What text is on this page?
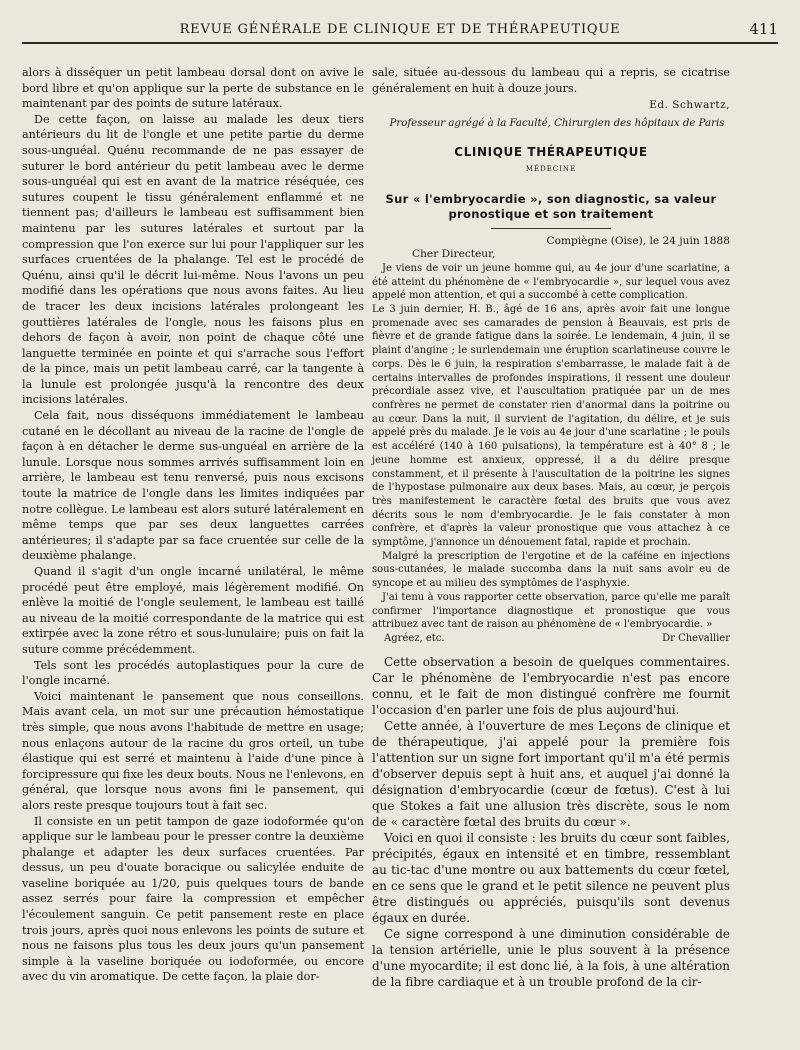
REVUE GÉNÉRALE DE CLINIQUE ET DE THÉRAPEUTIQUE	411

alors à disséquer un petit lambeau dorsal dont on avive le bord libre et qu'on applique sur la perte de substance en le maintenant par des points de suture latéraux.

De cette façon, on laisse au malade les deux tiers antérieurs du lit de l'ongle et une petite partie du derme sous-unguéal. Quénu recommande de ne pas essayer de suturer le bord antérieur du petit lambeau avec le derme sous-unguéal qui est en avant de la matrice réséquée, ces sutures coupent le tissu généralement enflammé et ne tiennent pas; d'ailleurs le lambeau est suffisamment bien maintenu par les sutures latérales et surtout par la compression que l'on exerce sur lui pour l'appliquer sur les surfaces cruentées de la phalange. Tel est le procédé de Quénu, ainsi qu'il le décrit lui-même. Nous l'avons un peu modifié dans les opérations que nous avons faites. Au lieu de tracer les deux incisions latérales prolongeant les gouttières latérales de l'ongle, nous les faisons plus en dehors de façon à avoir, non point de chaque côté une languette terminée en pointe et qui s'arrache sous l'effort de la pince, mais un petit lambeau carré, car la tangente à la lunule est prolongée jusqu'à la rencontre des deux incisions latérales.

Cela fait, nous disséquons immédiatement le lambeau cutané en le décollant au niveau de la racine de l'ongle de façon à en détacher le derme sus-unguéal en arrière de la lunule. Lorsque nous sommes arrivés suffisamment loin en arrière, le lambeau est tenu renversé, puis nous excisons toute la matrice de l'ongle dans les limites indiquées par notre collègue. Le lambeau est alors suturé latéralement en même temps que par ses deux languettes carrées antérieures; il s'adapte par sa face cruentée sur celle de la deuxième phalange.

Quand il s'agit d'un ongle incarné unilatéral, le même procédé peut être employé, mais légèrement modifié. On enlève la moitié de l'ongle seulement, le lambeau est taillé au niveau de la moitié correspondante de la matrice qui est extirpée avec la zone rétro et sous-lunulaire; puis on fait la suture comme précédemment.

Tels sont les procédés autoplastiques pour la cure de l'ongle incarné.

Voici maintenant le pansement que nous conseillons. Mais avant cela, un mot sur une précaution hémostatique très simple, que nous avons l'habitude de mettre en usage; nous enlaçons autour de la racine du gros orteil, un tube élastique qui est serré et maintenu à l'aide d'une pince à forcipressure qui fixe les deux bouts. Nous ne l'enlevons, en général, que lorsque nous avons fini le pansement, qui alors reste presque toujours tout à fait sec.

Il consiste en un petit tampon de gaze iodoformée qu'on applique sur le lambeau pour le presser contre la deuxième phalange et adapter les deux surfaces cruentées. Par dessus, un peu d'ouate boracique ou salicylée enduite de vaseline boriquée au 1/20, puis quelques tours de bande assez serrés pour faire la compression et empêcher l'écoulement sanguin. Ce petit pansement reste en place trois jours, après quoi nous enlevons les points de suture et nous ne faisons plus tous les deux jours qu'un pansement simple à la vaseline boriquée ou iodoformée, ou encore avec du vin aromatique. De cette façon, la plaie dor-

sale, située au-dessous du lambeau qui a repris, se cicatrise généralement en huit à douze jours.

Ed. Schwartz,

Professeur agrégé à la Faculté, Chirurgien des hôpitaux de Paris

CLINIQUE THÉRAPEUTIQUE
MÉDECINE
Sur « l'embryocardie », son diagnostic, sa valeur pronostique et son traitement

Compiègne (Oise), le 24 juin 1888

Cher Directeur,

Je viens de voir un jeune homme qui, au 4e jour d'une scarlatine, a été atteint du phénomène de « l'embryocardie », sur lequel vous avez appelé mon attention, et qui a succombé à cette complication.

Le 3 juin dernier, H. B., âgé de 16 ans, après avoir fait une longue promenade avec ses camarades de pension à Beauvais, est pris de fièvre et de grande fatigue dans la soirée. Le lendemain, 4 juin, il se plaint d'angine ; le surlendemain une éruption scarlatineuse couvre le corps. Dès le 6 juin, la respiration s'embarrasse, le malade fait à de certains intervalles de profondes inspirations, il ressent une douleur précordiale assez vive, et l'auscultation pratiquée par un de mes confrères ne permet de constater rien d'anormal dans la poitrine ou au cœur. Dans la nuit, il survient de l'agitation, du délire, et je suis appelé près du malade. Je le vois au 4e jour d'une scarlatine ; le pouls est accéléré (140 à 160 pulsations), la température est à 40° 8 ; le jeune homme est anxieux, oppressé, il a du délire presque constamment, et il présente à l'auscultation de la poitrine les signes de l'hypostase pulmonaire aux deux bases. Mais, au cœur, je perçois très manifestement le caractère fœtal des bruits que vous avez décrits sous le nom d'embryocardie. Je le fais constater à mon confrère, et d'après la valeur pronostique que vous attachez à ce symptôme, j'annonce un dénouement fatal, rapide et prochain.

Malgré la prescription de l'ergotine et de la caféine en injections sous-cutanées, le malade succomba dans la nuit sans avoir eu de syncope et au milieu des symptômes de l'asphyxie.

J'ai tenu à vous rapporter cette observation, parce qu'elle me paraît confirmer l'importance diagnostique et pronostique que vous attribuez avec tant de raison au phénomène de « l'embryocardie. »

Agréez, etc.	Dr Chevallier

Cette observation a besoin de quelques commentaires. Car le phénomène de l'embryocardie n'est pas encore connu, et le fait de mon distingué confrère me fournit l'occasion d'en parler une fois de plus aujourd'hui.

Cette année, à l'ouverture de mes Leçons de clinique et de thérapeutique, j'ai appelé pour la première fois l'attention sur un signe fort important qu'il m'a été permis d'observer depuis sept à huit ans, et auquel j'ai donné la désignation d'embryocardie (cœur de fœtus). C'est à lui que Stokes a fait une allusion très discrète, sous le nom de « caractère fœtal des bruits du cœur ».

Voici en quoi il consiste : les bruits du cœur sont faibles, précipités, égaux en intensité et en timbre, ressemblant au tic-tac d'une montre ou aux battements du cœur fœtel, en ce sens que le grand et le petit silence ne peuvent plus être distingués ou appréciés, puisqu'ils sont devenus égaux en durée.

Ce signe correspond à une diminution considérable de la tension artérielle, unie le plus souvent à la présence d'une myocardite; il est donc lié, à la fois, à une altération de la fibre cardiaque et à un trouble profond de la cir-
